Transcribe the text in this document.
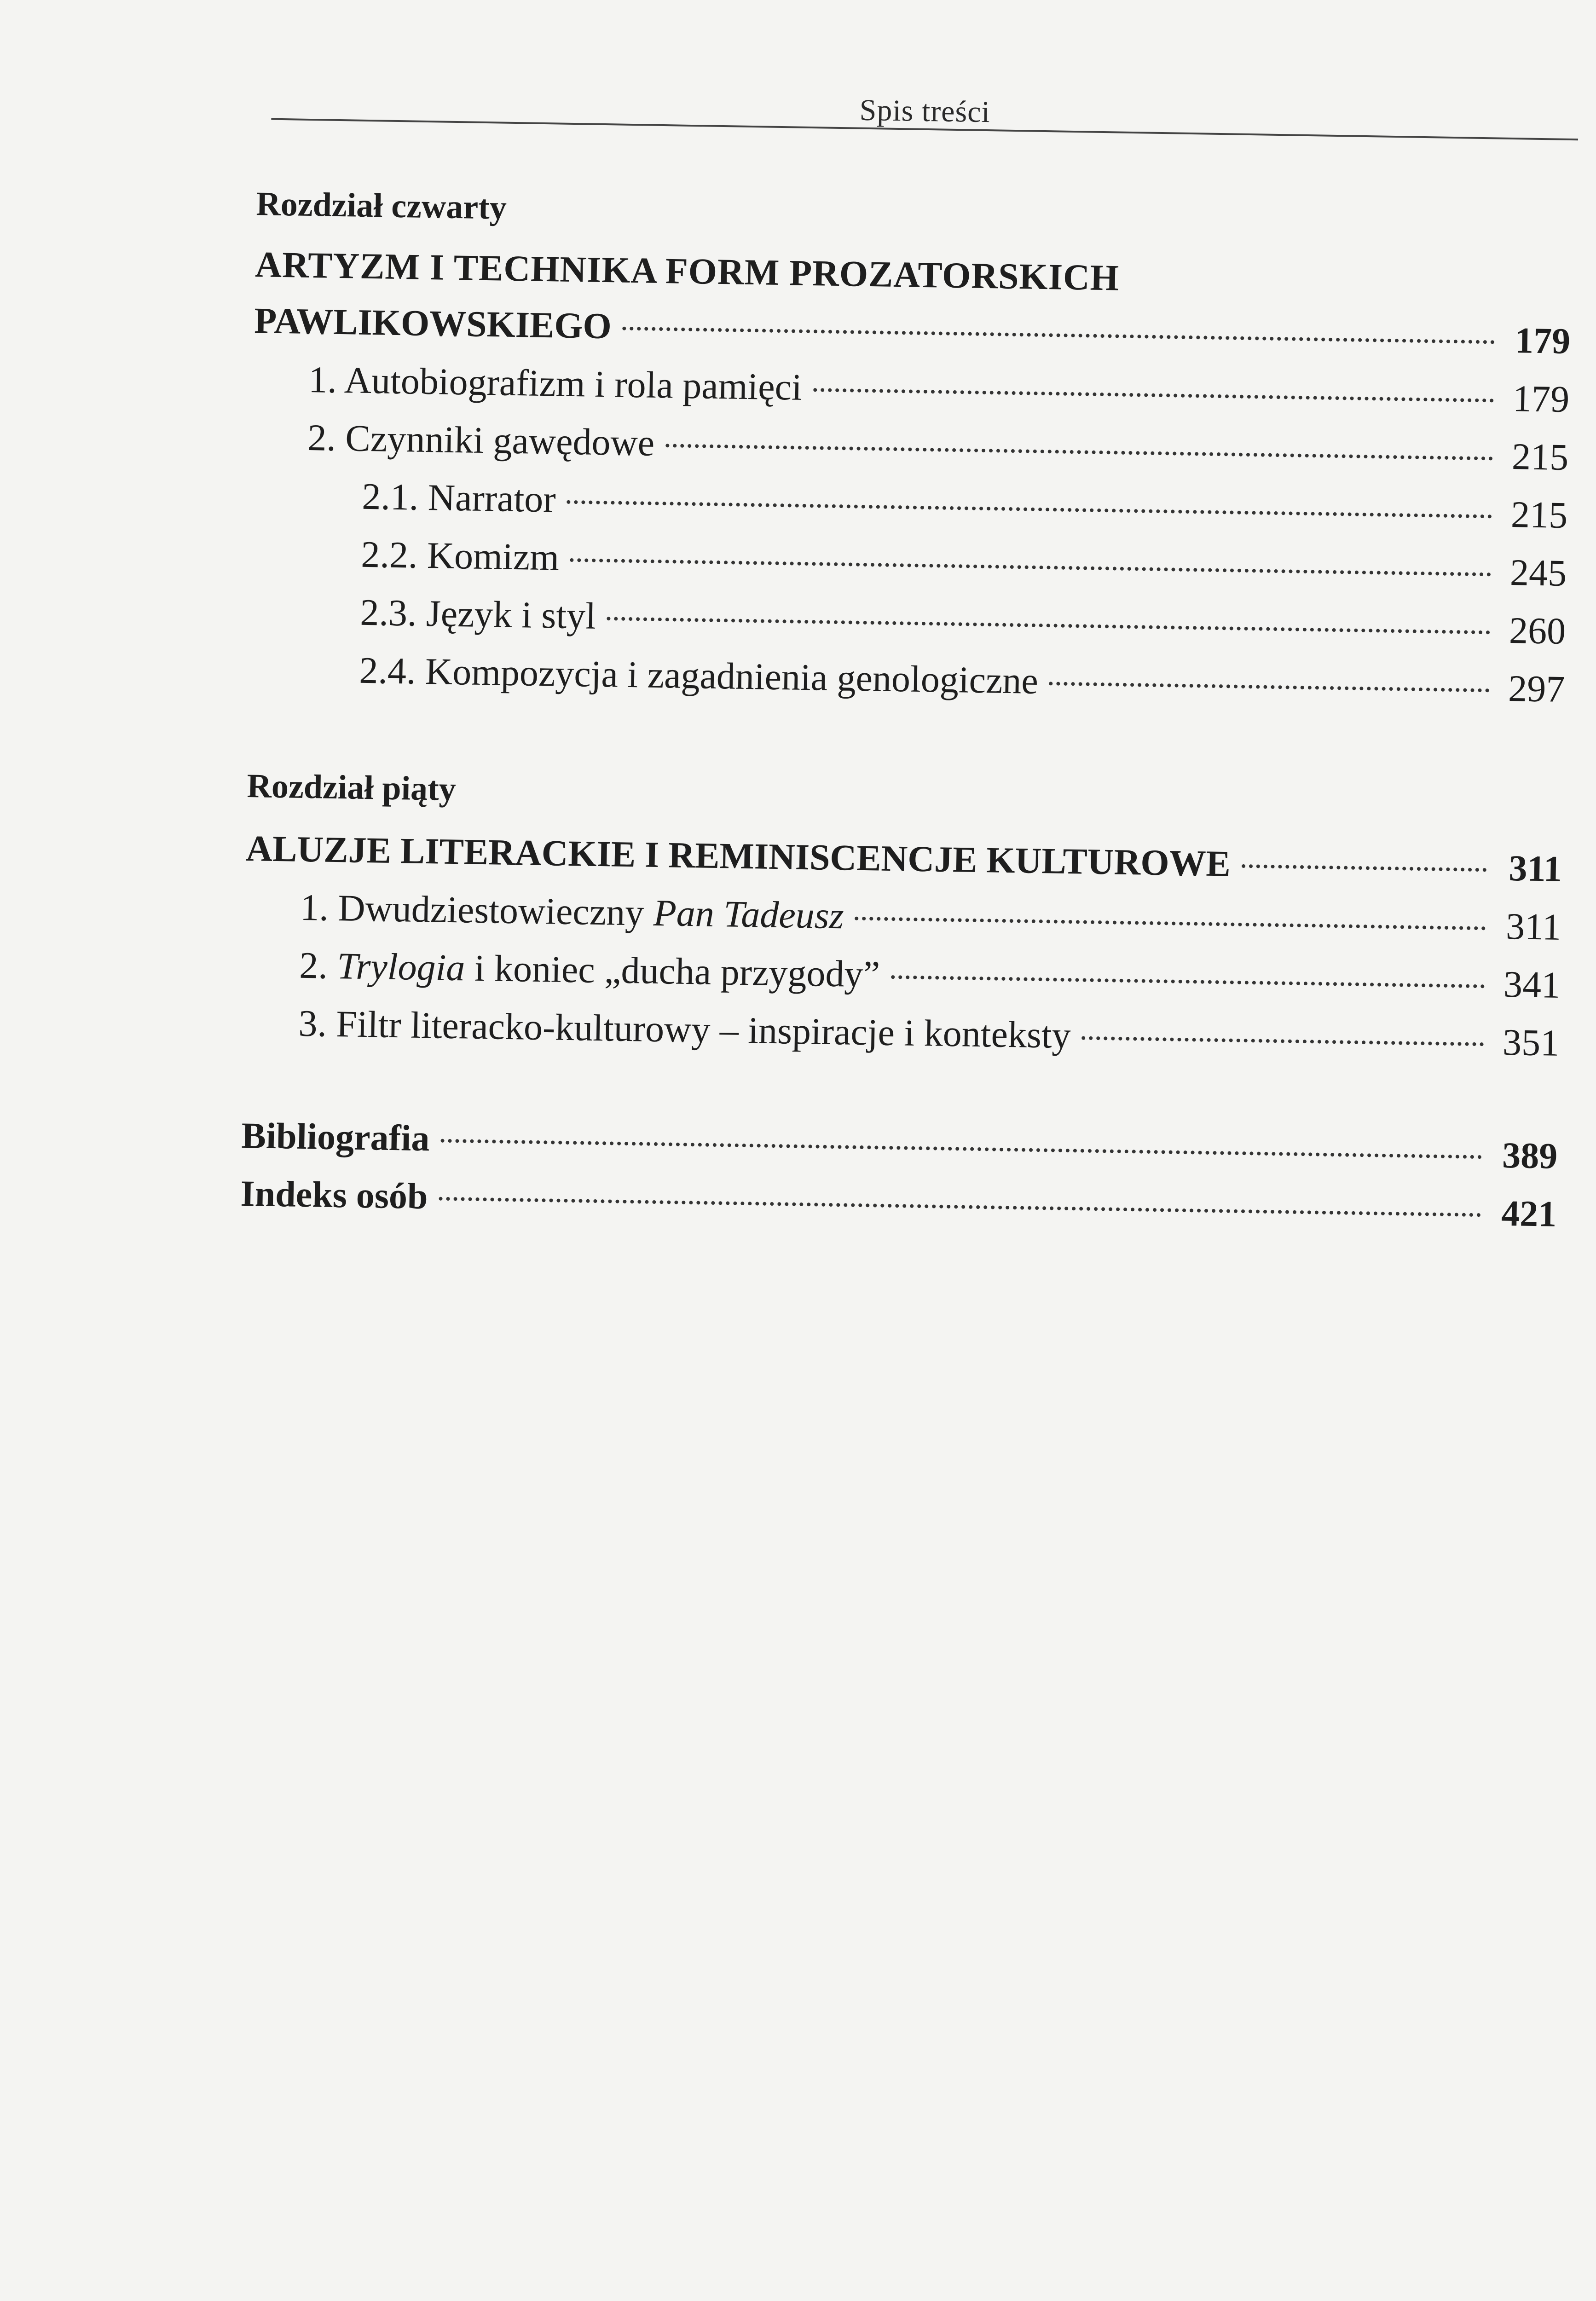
Spis treści
Rozdział czwarty
ARTYZM I TECHNIKA FORM PROZATORSKICH
PAWLIKOWSKIEGO	179
1. Autobiografizm i rola pamięci	179
2. Czynniki gawędowe	215
2.1. Narrator	215
2.2. Komizm	245
2.3. Język i styl	260
2.4. Kompozycja i zagadnienia genologiczne	297
Rozdział piąty
ALUZJE LITERACKIE I REMINISCENCJE KULTUROWE	311
1. Dwudziestowieczny Pan Tadeusz	311
2. Trylogia i koniec „ducha przygody”	341
3. Filtr literacko-kulturowy – inspiracje i konteksty	351
Bibliografia	389
Indeks osób	421
